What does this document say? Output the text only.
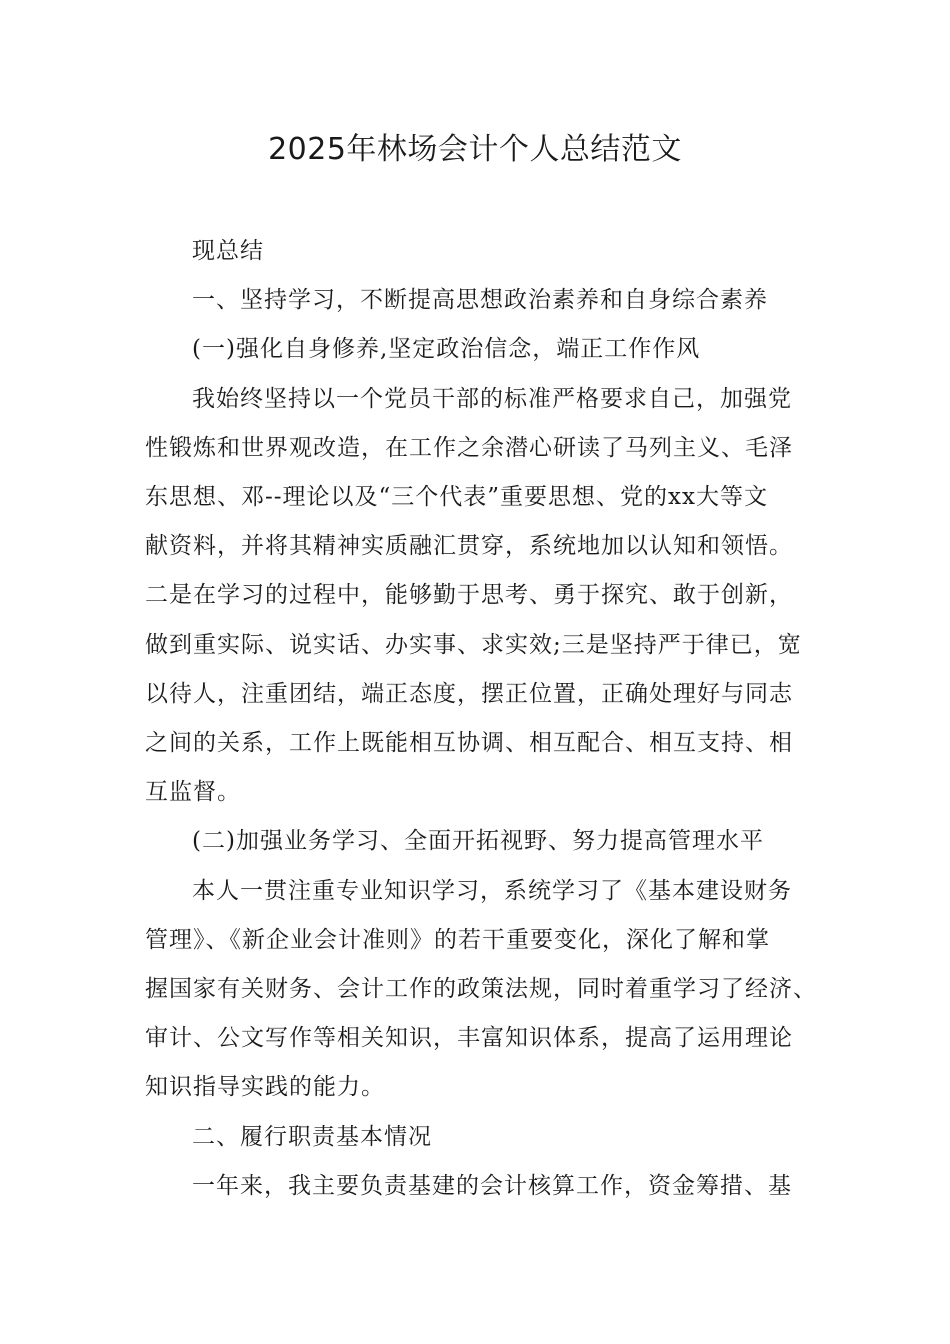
2025年林场会计个人总结范文
现总结
一、坚持学习，不断提高思想政治素养和自身综合素养
(一)强化自身修养,坚定政治信念，端正工作作风
我始终坚持以一个党员干部的标准严格要求自己，加强党
性锻炼和世界观改造，在工作之余潜心研读了马列主义、毛泽
东思想、邓--理论以及“三个代表”重要思想、党的xx大等文
献资料，并将其精神实质融汇贯穿，系统地加以认知和领悟。
二是在学习的过程中，能够勤于思考、勇于探究、敢于创新，
做到重实际、说实话、办实事、求实效;三是坚持严于律已，宽
以待人，注重团结，端正态度，摆正位置，正确处理好与同志
之间的关系，工作上既能相互协调、相互配合、相互支持、相
互监督。
(二)加强业务学习、全面开拓视野、努力提高管理水平
本人一贯注重专业知识学习，系统学习了《基本建设财务
管理》、《新企业会计准则》的若干重要变化，深化了解和掌
握国家有关财务、会计工作的政策法规，同时着重学习了经济、
审计、公文写作等相关知识，丰富知识体系，提高了运用理论
知识指导实践的能力。
二、履行职责基本情况
一年来，我主要负责基建的会计核算工作，资金筹措、基
